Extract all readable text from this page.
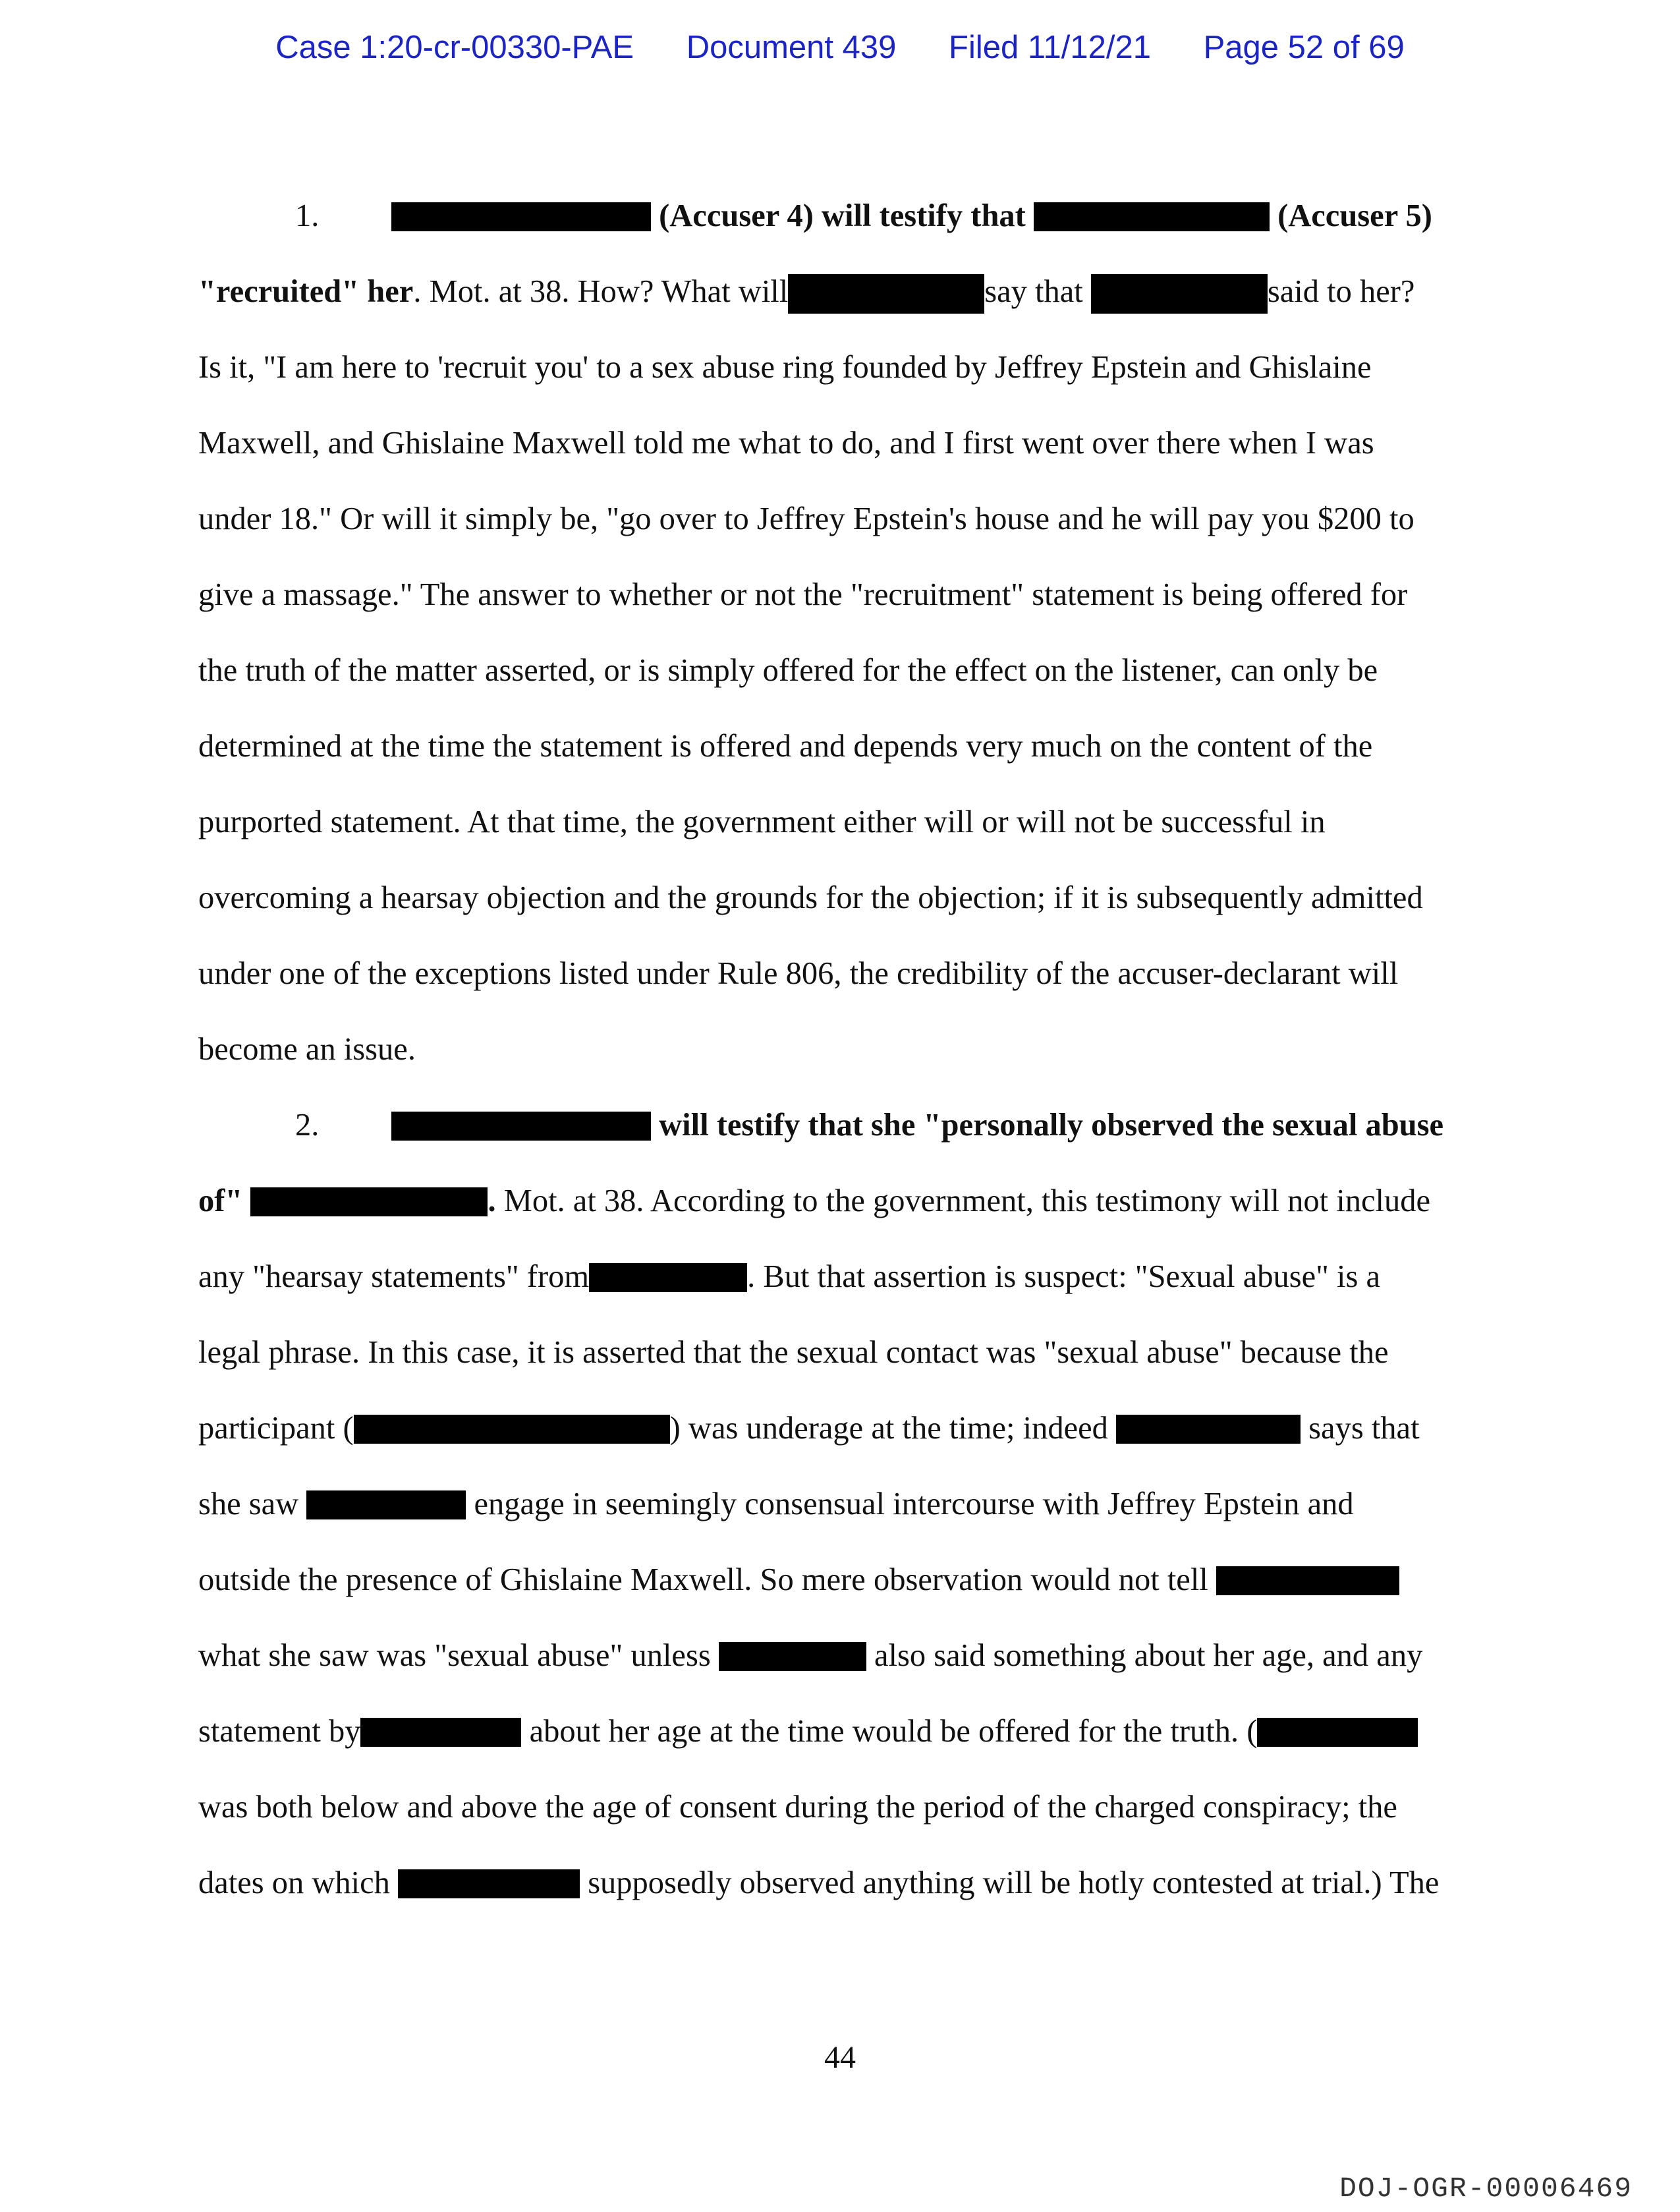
Case 1:20-cr-00330-PAE Document 439 Filed 11/12/21 Page 52 of 69
1.	(Accuser 4) will testify that	(Accuser 5)
"recruited" her. Mot. at 38. How? What will	say that	said to her?
Is it, "I am here to 'recruit you' to a sex abuse ring founded by Jeffrey Epstein and Ghislaine
Maxwell, and Ghislaine Maxwell told me what to do, and I first went over there when I was
under 18." Or will it simply be, "go over to Jeffrey Epstein's house and he will pay you $200 to
give a massage." The answer to whether or not the "recruitment" statement is being offered for
the truth of the matter asserted, or is simply offered for the effect on the listener, can only be
determined at the time the statement is offered and depends very much on the content of the
purported statement. At that time, the government either will or will not be successful in
overcoming a hearsay objection and the grounds for the objection; if it is subsequently admitted
under one of the exceptions listed under Rule 806, the credibility of the accuser-declarant will
become an issue.
2.	will testify that she "personally observed the sexual abuse
of"	. Mot. at 38. According to the government, this testimony will not include
any "hearsay statements" from	. But that assertion is suspect: "Sexual abuse" is a
legal phrase. In this case, it is asserted that the sexual contact was "sexual abuse" because the
participant (	) was underage at the time; indeed	says that
she saw	engage in seemingly consensual intercourse with Jeffrey Epstein and
outside the presence of Ghislaine Maxwell. So mere observation would not tell
what she saw was "sexual abuse" unless	also said something about her age, and any
statement by	about her age at the time would be offered for the truth. (
was both below and above the age of consent during the period of the charged conspiracy; the
dates on which	supposedly observed anything will be hotly contested at trial.) The
44
DOJ-OGR-00006469
